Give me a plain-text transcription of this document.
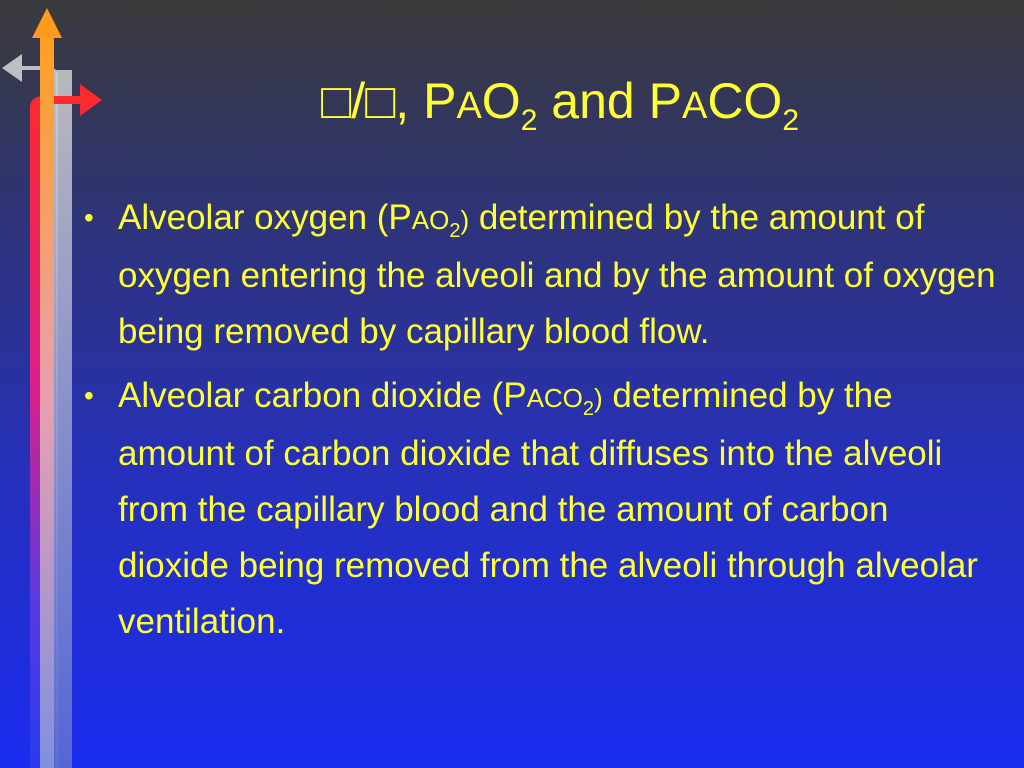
□/□, $PAO_2$ and $PACO_2$
• Alveolar oxygen $(PAO_2)$ determined by the amount of oxygen entering the alveoli and by the amount of oxygen being removed by capillary blood flow.
• Alveolar carbon dioxide $(PACO_2)$ determined by the amount of carbon dioxide that diffuses into the alveoli from the capillary blood and the amount of carbon dioxide being removed from the alveoli through alveolar ventilation.
